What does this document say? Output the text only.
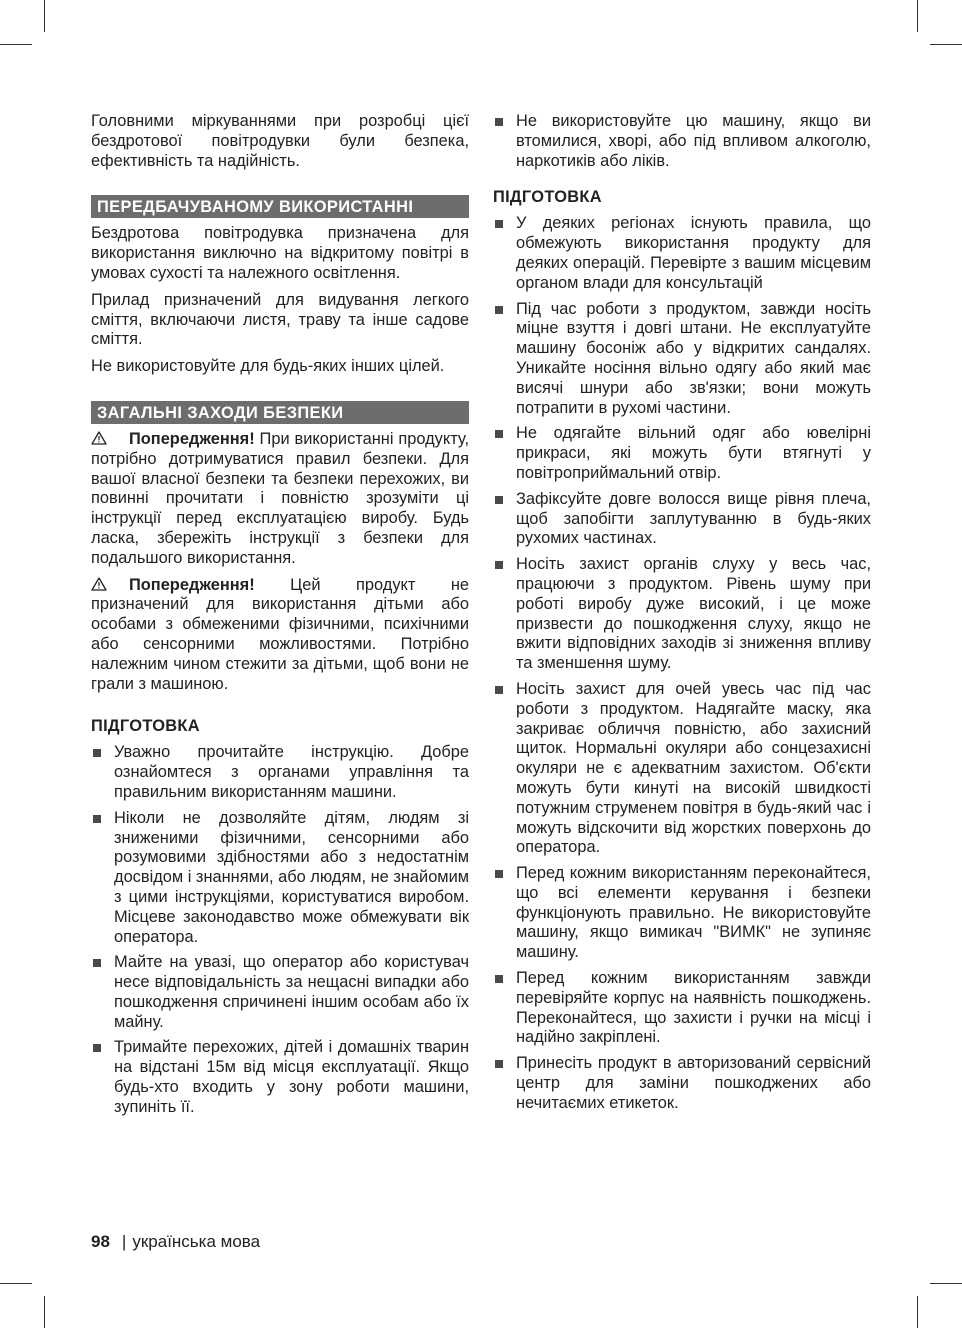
Головними міркуваннями при розробці цієї бездротової повітродувки були безпека, ефективність та надійність.

ПЕРЕДБАЧУВАНОМУ ВИКОРИСТАННІ

Бездротова повітродувка призначена для використання виключно на відкритому повітрі в умовах сухості та належного освітлення.

Прилад призначений для видування легкого сміття, включаючи листя, траву та інше садове сміття.

Не використовуйте для будь-яких інших цілей.

ЗАГАЛЬНІ ЗАХОДИ БЕЗПЕКИ

Попередження! При використанні продукту, потрібно дотримуватися правил безпеки. Для вашої власної безпеки та безпеки перехожих, ви повинні прочитати і повністю зрозуміти ці інструкції перед експлуатацією виробу. Будь ласка, збережіть інструкції з безпеки для подальшого використання.

Попередження! Цей продукт не призначений для використання дітьми або особами з обмеженими фізичними, психічними або сенсорними можливостями. Потрібно належним чином стежити за дітьми, щоб вони не грали з машиною.

ПІДГОТОВКА
Уважно прочитайте інструкцію. Добре ознайомтеся з органами управління та правильним використанням машини.
Ніколи не дозволяйте дітям, людям зі зниженими фізичними, сенсорними або розумовими здібностями або з недостатнім досвідом і знаннями, або людям, не знайомим з цими інструкціями, користуватися виробом. Місцеве законодавство може обмежувати вік оператора.
Майте на увазі, що оператор або користувач несе відповідальність за нещасні випадки або пошкодження спричинені іншим особам або їх майну.
Тримайте перехожих, дітей і домашніх тварин на відстані 15м від місця експлуатації. Якщо будь-хто входить у зону роботи машини, зупиніть її.
Не використовуйте цю машину, якщо ви втомилися, хворі, або під впливом алкоголю, наркотиків або ліків.
ПІДГОТОВКА
У деяких регіонах існують правила, що обмежують використання продукту для деяких операцій. Перевірте з вашим місцевим органом влади для консультацій
Під час роботи з продуктом, завжди носіть міцне взуття і довгі штани. Не експлуатуйте машину босоніж або у відкритих сандалях. Уникайте носіння вільно одягу або який має висячі шнури або зв'язки; вони можуть потрапити в рухомі частини.
Не одягайте вільний одяг або ювелірні прикраси, які можуть бути втягнуті у повітроприймальний отвір.
Зафіксуйте довге волосся вище рівня плеча, щоб запобігти заплутуванню в будь-яких рухомих частинах.
Носіть захист органів слуху у весь час, працюючи з продуктом. Рівень шуму при роботі виробу дуже високий, і це може призвести до пошкодження слуху, якщо не вжити відповідних заходів зі зниження впливу та зменшення шуму.
Носіть захист для очей увесь час під час роботи з продуктом. Надягайте маску, яка закриває обличчя повністю, або захисний щиток. Нормальні окуляри або сонцезахисні окуляри не є адекватним захистом. Об'єкти можуть бути кинуті на високій швидкості потужним струменем повітря в будь-який час і можуть відскочити від жорстких поверхонь до оператора.
Перед кожним використанням переконайтеся, що всі елементи керування і безпеки функціонують правильно. Не використовуйте машину, якщо вимикач "ВИМК" не зупиняє машину.
Перед кожним використанням завжди перевіряйте корпус на наявність пошкоджень. Переконайтеся, що захисти і ручки на місці і надійно закріплені.
Принесіть продукт в авторизований сервісний центр для заміни пошкоджених або нечитаємих етикеток.
98 | українська мова
